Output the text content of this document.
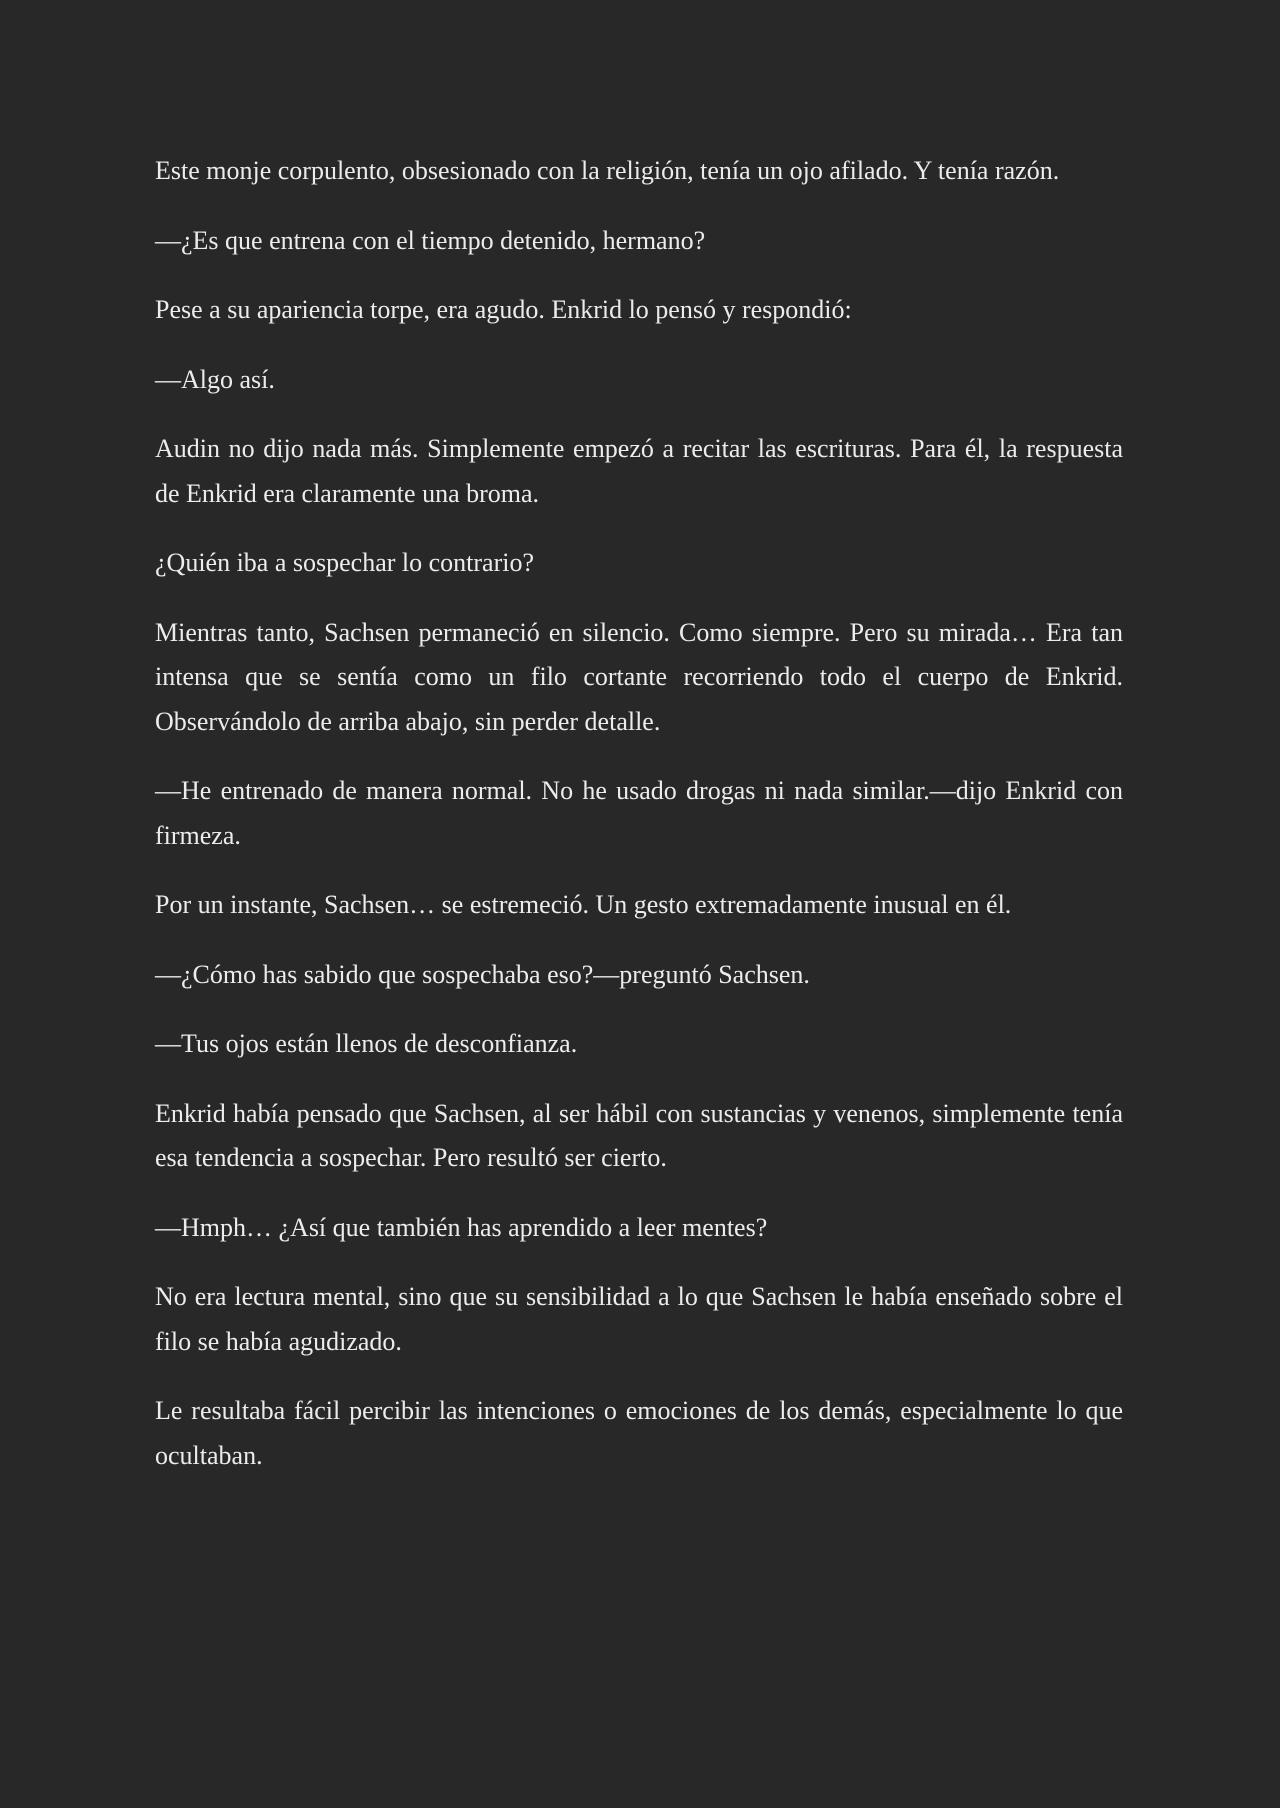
Este monje corpulento, obsesionado con la religión, tenía un ojo afilado. Y tenía razón.

—¿Es que entrena con el tiempo detenido, hermano?

Pese a su apariencia torpe, era agudo. Enkrid lo pensó y respondió:

—Algo así.

Audin no dijo nada más. Simplemente empezó a recitar las escrituras. Para él, la respuesta de Enkrid era claramente una broma.

¿Quién iba a sospechar lo contrario?

Mientras tanto, Sachsen permaneció en silencio. Como siempre. Pero su mirada… Era tan intensa que se sentía como un filo cortante recorriendo todo el cuerpo de Enkrid. Observándolo de arriba abajo, sin perder detalle.

—He entrenado de manera normal. No he usado drogas ni nada similar.—dijo Enkrid con firmeza.

Por un instante, Sachsen… se estremeció. Un gesto extremadamente inusual en él.

—¿Cómo has sabido que sospechaba eso?—preguntó Sachsen.

—Tus ojos están llenos de desconfianza.

Enkrid había pensado que Sachsen, al ser hábil con sustancias y venenos, simplemente tenía esa tendencia a sospechar. Pero resultó ser cierto.

—Hmph… ¿Así que también has aprendido a leer mentes?

No era lectura mental, sino que su sensibilidad a lo que Sachsen le había enseñado sobre el filo se había agudizado.

Le resultaba fácil percibir las intenciones o emociones de los demás, especialmente lo que ocultaban.
